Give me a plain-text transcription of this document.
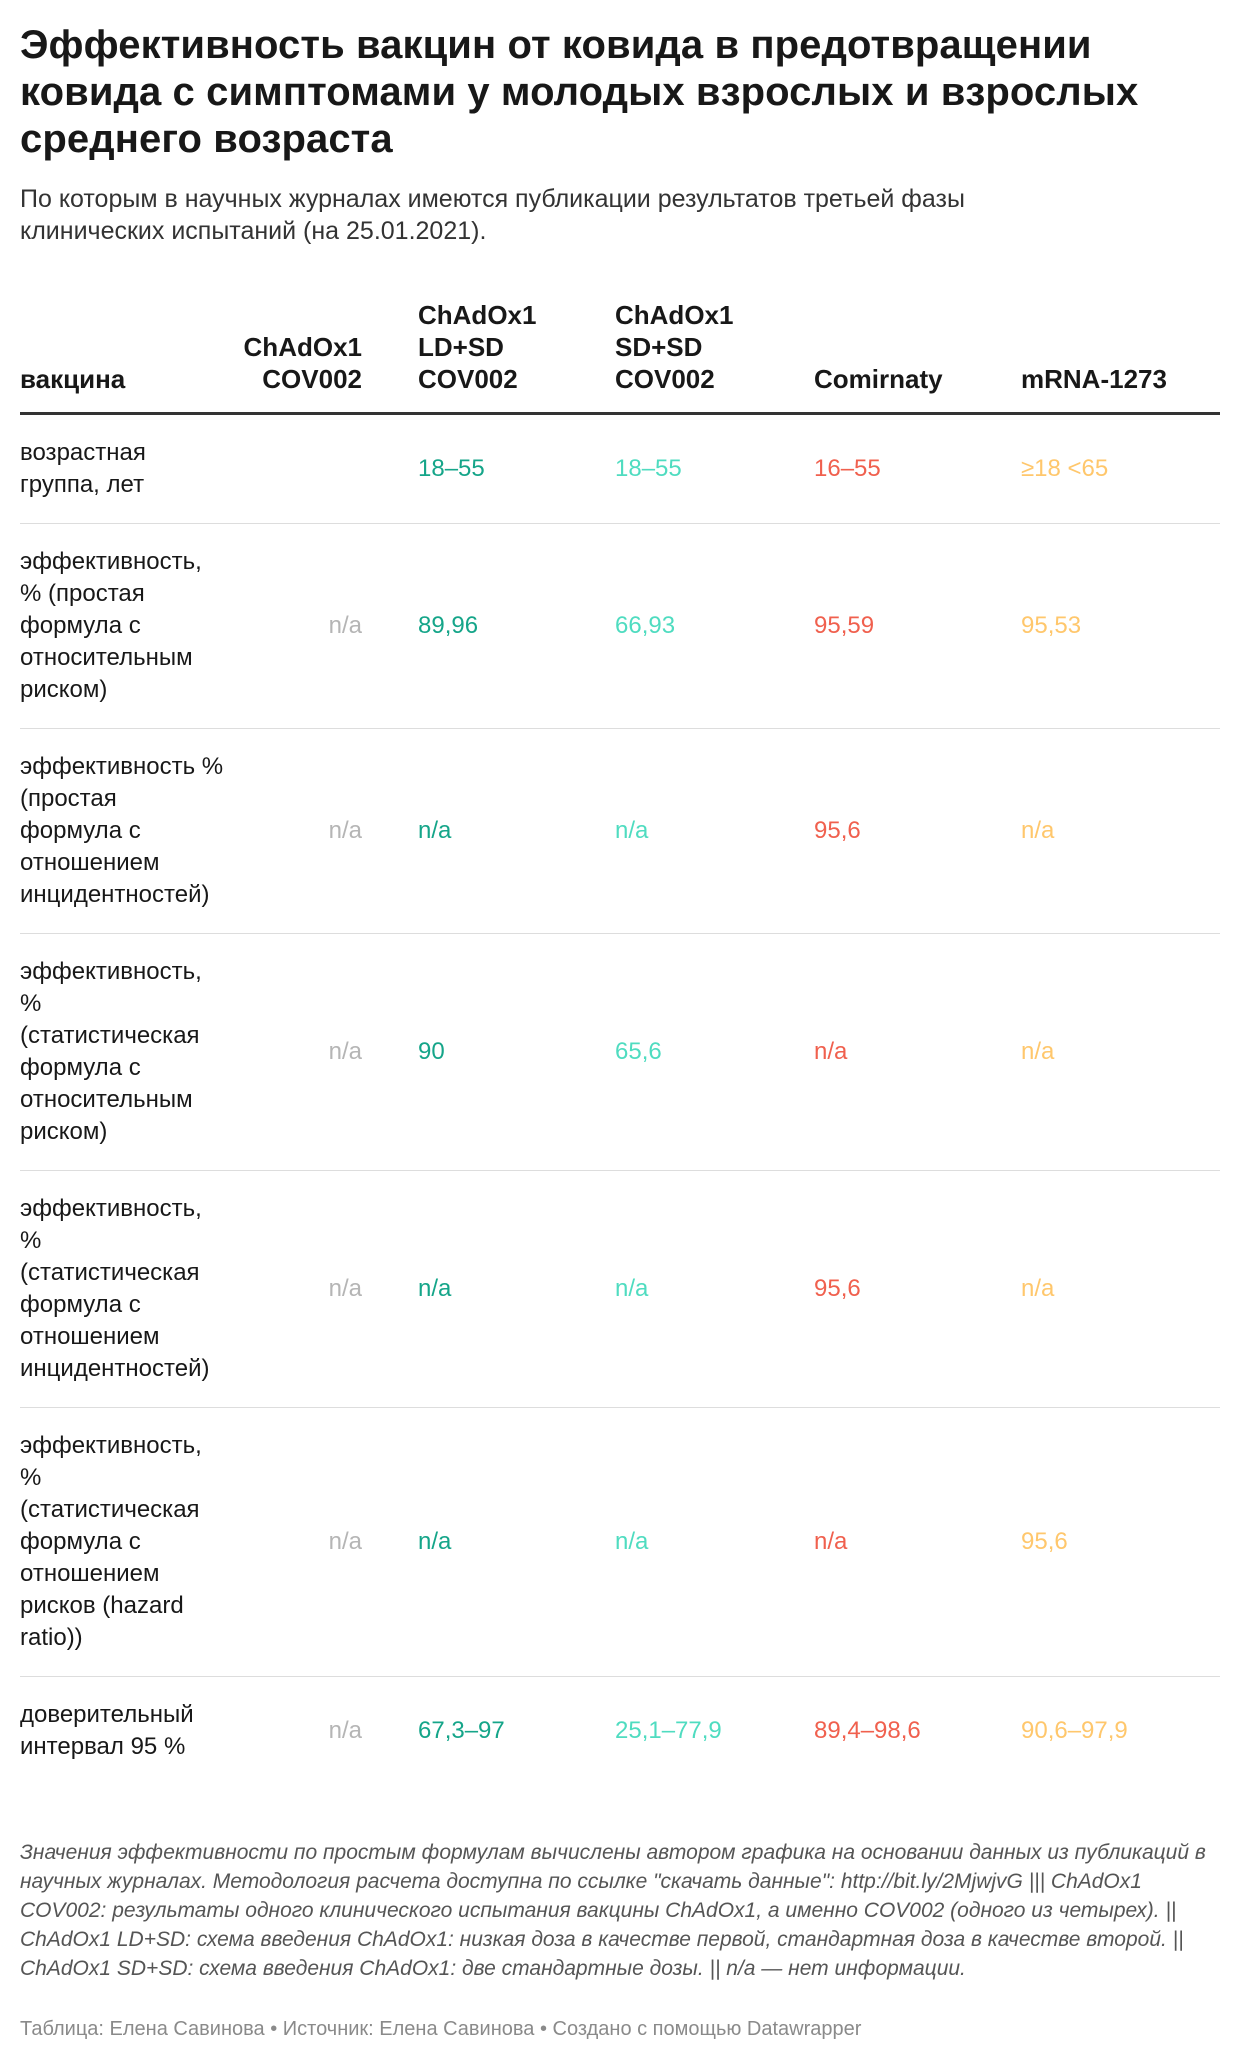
Эффективность вакцин от ковида в предотвращении ковида с симптомами у молодых взрослых и взрослых среднего возраста
По которым в научных журналах имеются публикации результатов третьей фазы клинических испытаний (на 25.01.2021).
вакцина	ChAdOx1 COV002	ChAdOx1 LD+SD COV002	ChAdOx1 SD+SD COV002	Comirnaty	mRNA-1273
возрастная группа, лет		18–55	18–55	16–55	≥18 <65
эффективность, % (простая формула с относительным риском)	n/a	89,96	66,93	95,59	95,53
эффективность % (простая формула с отношением инцидентностей)	n/a	n/a	n/a	95,6	n/a
эффективность, % (статистическая формула с относительным риском)	n/a	90	65,6	n/a	n/a
эффективность, % (статистическая формула с отношением инцидентностей)	n/a	n/a	n/a	95,6	n/a
эффективность, % (статистическая формула с отношением рисков (hazard ratio))	n/a	n/a	n/a	n/a	95,6
доверительный интервал 95 %	n/a	67,3–97	25,1–77,9	89,4–98,6	90,6–97,9
Значения эффективности по простым формулам вычислены автором графика на основании данных из публикаций в научных журналах. Методология расчета доступна по ссылке "скачать данные": http://bit.ly/2MjwjvG ||| ChAdOx1 COV002: результаты одного клинического испытания вакцины ChAdOx1, а именно COV002 (одного из четырех). || ChAdOx1 LD+SD: схема введения ChAdOx1: низкая доза в качестве первой, стандартная доза в качестве второй. || ChAdOx1 SD+SD: схема введения ChAdOx1: две стандартные дозы. || n/a — нет информации.
Таблица: Елена Савинова • Источник: Елена Савинова • Создано с помощью Datawrapper
